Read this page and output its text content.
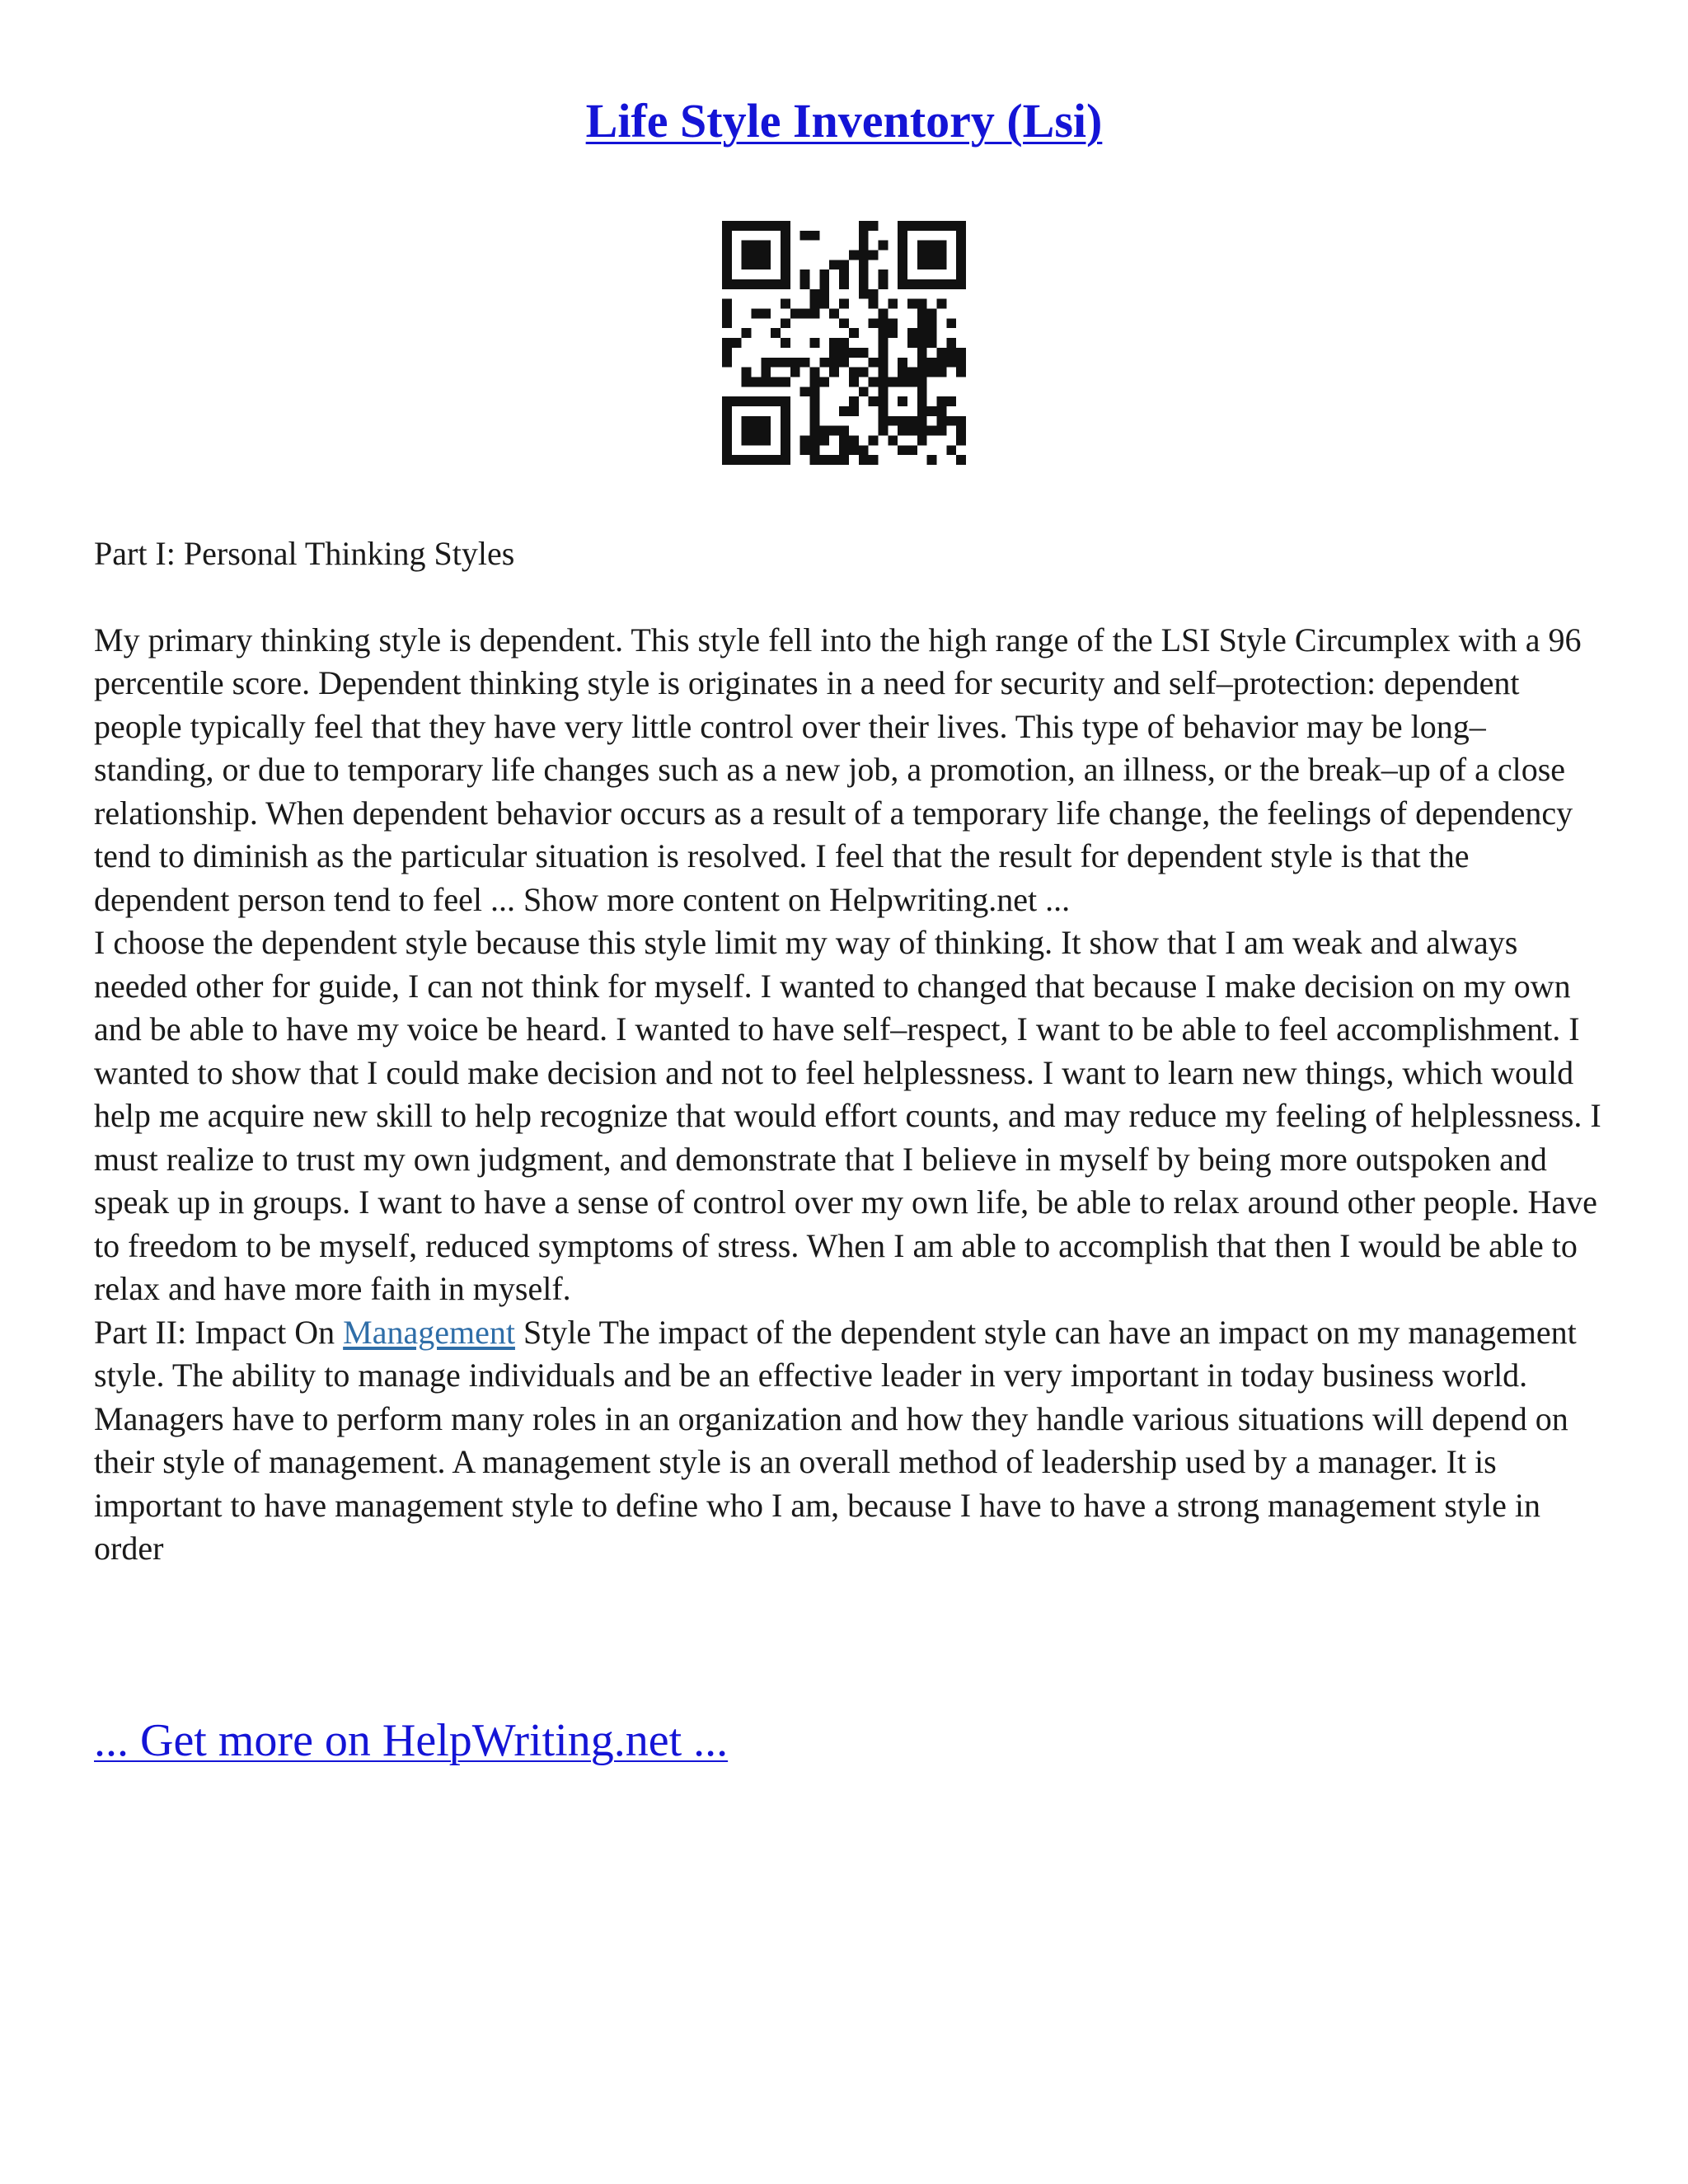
Life Style Inventory (Lsi)

Part I: Personal Thinking Styles

My primary thinking style is dependent. This style fell into the high range of the LSI Style Circumplex with a 96 percentile score. Dependent thinking style is originates in a need for security and self–protection: dependent people typically feel that they have very little control over their lives. This type of behavior may be long–standing, or due to temporary life changes such as a new job, a promotion, an illness, or the break–up of a close relationship. When dependent behavior occurs as a result of a temporary life change, the feelings of dependency tend to diminish as the particular situation is resolved. I feel that the result for dependent style is that the dependent person tend to feel ... Show more content on Helpwriting.net ...

I choose the dependent style because this style limit my way of thinking. It show that I am weak and always needed other for guide, I can not think for myself. I wanted to changed that because I make decision on my own and be able to have my voice be heard. I wanted to have self–respect, I want to be able to feel accomplishment. I wanted to show that I could make decision and not to feel helplessness. I want to learn new things, which would help me acquire new skill to help recognize that would effort counts, and may reduce my feeling of helplessness. I must realize to trust my own judgment, and demonstrate that I believe in myself by being more outspoken and speak up in groups. I want to have a sense of control over my own life, be able to relax around other people. Have to freedom to be myself, reduced symptoms of stress. When I am able to accomplish that then I would be able to relax and have more faith in myself.

Part II: Impact On Management Style The impact of the dependent style can have an impact on my management style. The ability to manage individuals and be an effective leader in very important in today business world. Managers have to perform many roles in an organization and how they handle various situations will depend on their style of management. A management style is an overall method of leadership used by a manager. It is important to have management style to define who I am, because I have to have a strong management style in order

... Get more on HelpWriting.net ...
